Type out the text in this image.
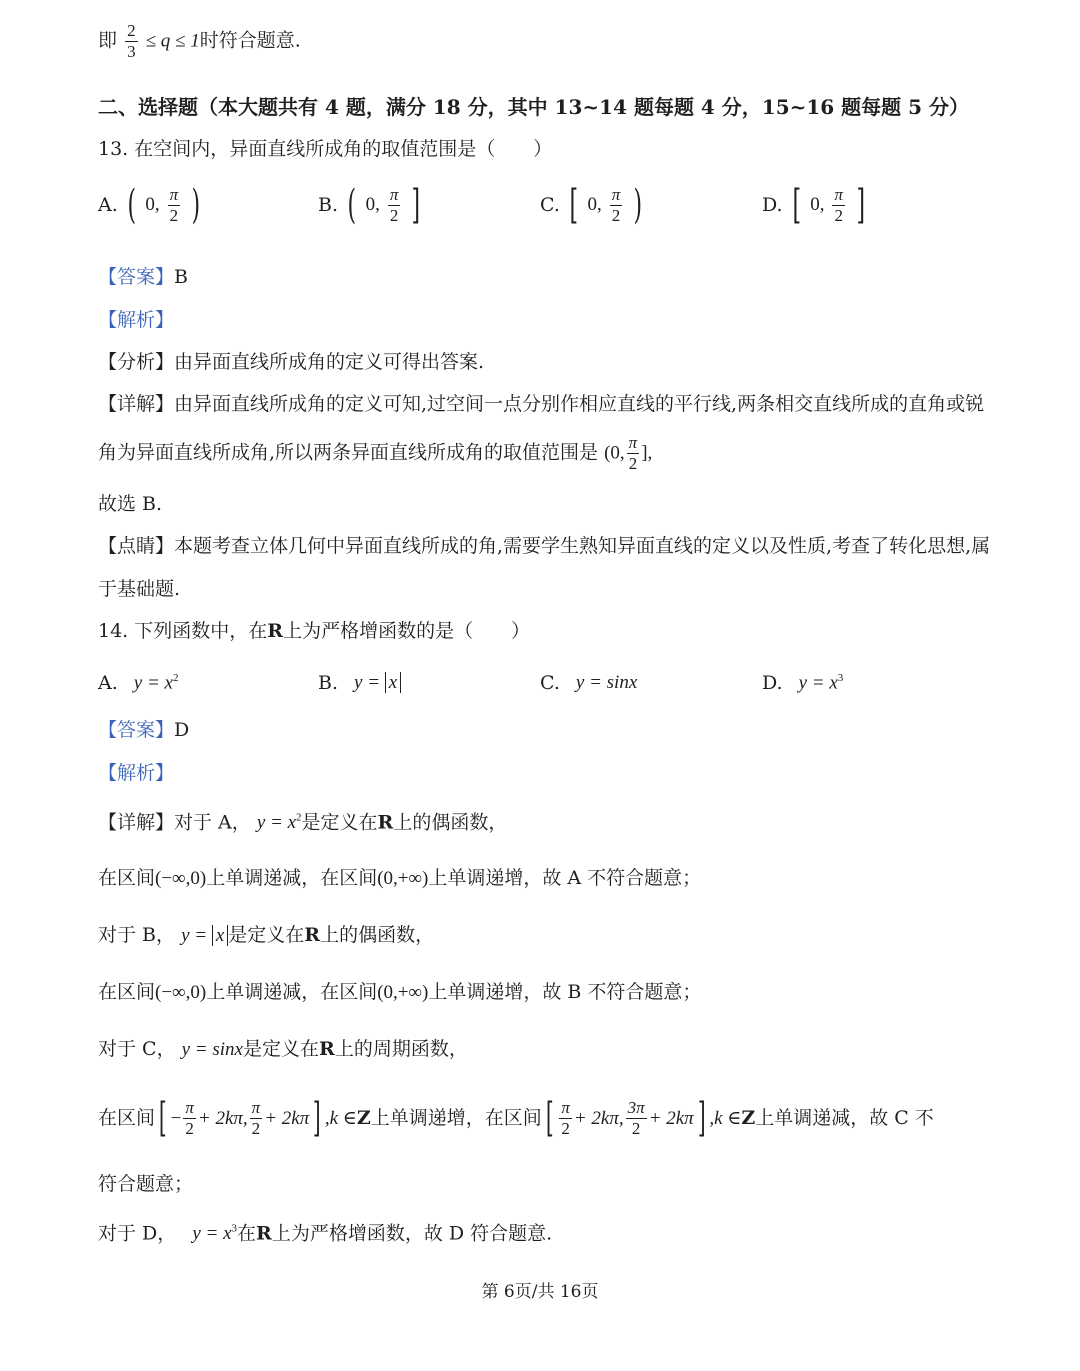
即 $\frac{2}{3} \le q \le 1$时符合题意.
二、选择题（本大题共有 4 题，满分 18 分，其中 13~14 题每题 4 分，15~16 题每题 5 分）
13. 在空间内，异面直线所成角的取值范围是（　　）
A. ( 0, $\frac{\pi}{2}$ )	B. ( 0, $\frac{\pi}{2}$ ]	C. [ 0, $\frac{\pi}{2}$ )	D. [ 0, $\frac{\pi}{2}$ ]
【答案】B
【解析】
【分析】由异面直线所成角的定义可得出答案.
【详解】由异面直线所成角的定义可知,过空间一点分别作相应直线的平行线,两条相交直线所成的直角或锐
角为异面直线所成角,所以两条异面直线所成角的取值范围是 (0, $\frac{\pi}{2}$ ],
故选 B.
【点睛】本题考查立体几何中异面直线所成的角,需要学生熟知异面直线的定义以及性质,考查了转化思想,属
于基础题.
14. 下列函数中，在R上为严格增函数的是（　　）
A. $y = x^2$	B. y = x	C. y = sinx	D. $y = x^3$
【答案】D
【解析】
【详解】对于 A， $y = x^2$是定义在R上的偶函数，
在区间(−∞,0)上单调递减，在区间(0,+∞)上单调递增，故 A 不符合题意；
对于 B， y = x 是定义在R上的偶函数，
在区间(−∞,0)上单调递减，在区间(0,+∞)上单调递增，故 B 不符合题意；
对于 C， y = sinx是定义在R上的周期函数，
在区间 [ − $\frac{\pi}{2} + 2k\pi$, $\frac{\pi}{2} + 2k\pi$ ] ,k ∈ Z 上单调递增，在区间 [ $\frac{\pi}{2} + 2k\pi$, $\frac{3\pi}{2} + 2k\pi$ ] ,k ∈ Z 上单调递减，故 C 不
符合题意；
对于 D， $y = x^3$在R上为严格增函数，故 D 符合题意.
第 6页/共 16页
